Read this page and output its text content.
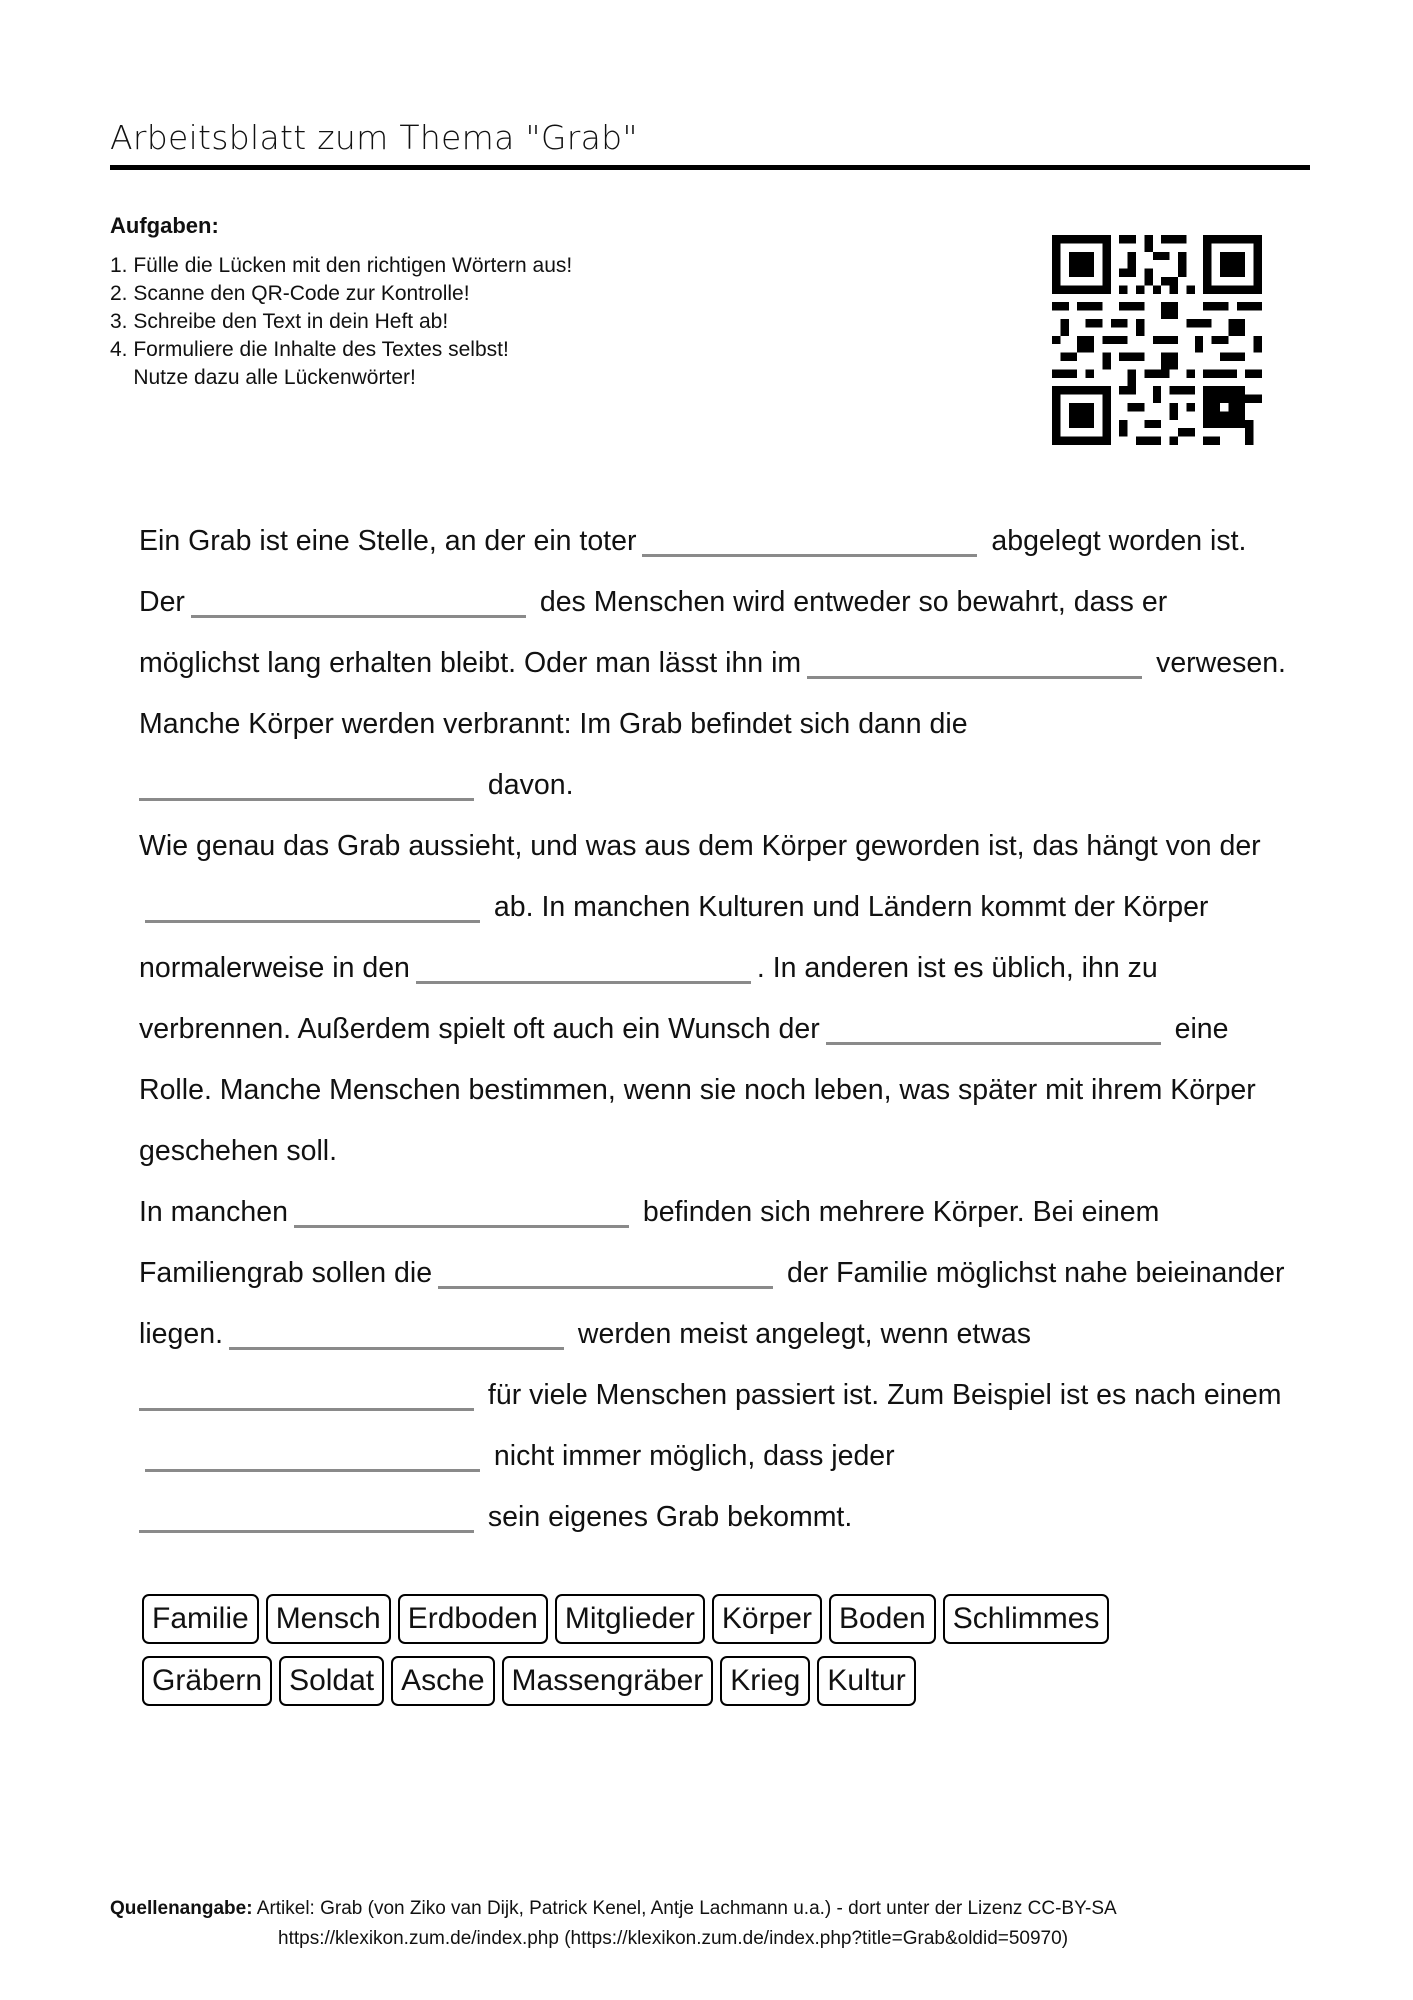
Arbeitsblatt zum Thema "Grab"
Aufgaben:
1. Fülle die Lücken mit den richtigen Wörtern aus!
2. Scanne den QR-Code zur Kontrolle!
3. Schreibe den Text in dein Heft ab!
4. Formuliere die Inhalte des Textes selbst!
Nutze dazu alle Lückenwörter!

Ein Grab ist eine Stelle, an der ein toter	abgelegt worden ist. Der	des Menschen wird entweder so bewahrt, dass er möglichst lang erhalten bleibt. Oder man lässt ihn im	verwesen. Manche Körper werden verbrannt: Im Grab befindet sich dann die
davon.

Wie genau das Grab aussieht, und was aus dem Körper geworden ist, das hängt von der ab. In manchen Kulturen und Ländern kommt der Körper normalerweise in den	. In anderen ist es üblich, ihn zu verbrennen. Außerdem spielt oft auch ein Wunsch der	eine Rolle. Manche Menschen bestimmen, wenn sie noch leben, was später mit ihrem Körper geschehen soll.

In manchen	befinden sich mehrere Körper. Bei einem Familiengrab sollen die	der Familie möglichst nahe beieinander liegen.	werden meist angelegt, wenn etwas
für viele Menschen passiert ist. Zum Beispiel ist es nach einem nicht immer möglich, dass jeder
sein eigenes Grab bekommt.

Familie Mensch Erdboden Mitglieder Körper Boden Schlimmes
Gräbern Soldat Asche Massengräber Krieg Kultur
Quellenangabe: Artikel: Grab (von Ziko van Dijk, Patrick Kenel, Antje Lachmann u.a.) - dort unter der Lizenz CC-BY-SA
https://klexikon.zum.de/index.php (https://klexikon.zum.de/index.php?title=Grab&oldid=50970)
